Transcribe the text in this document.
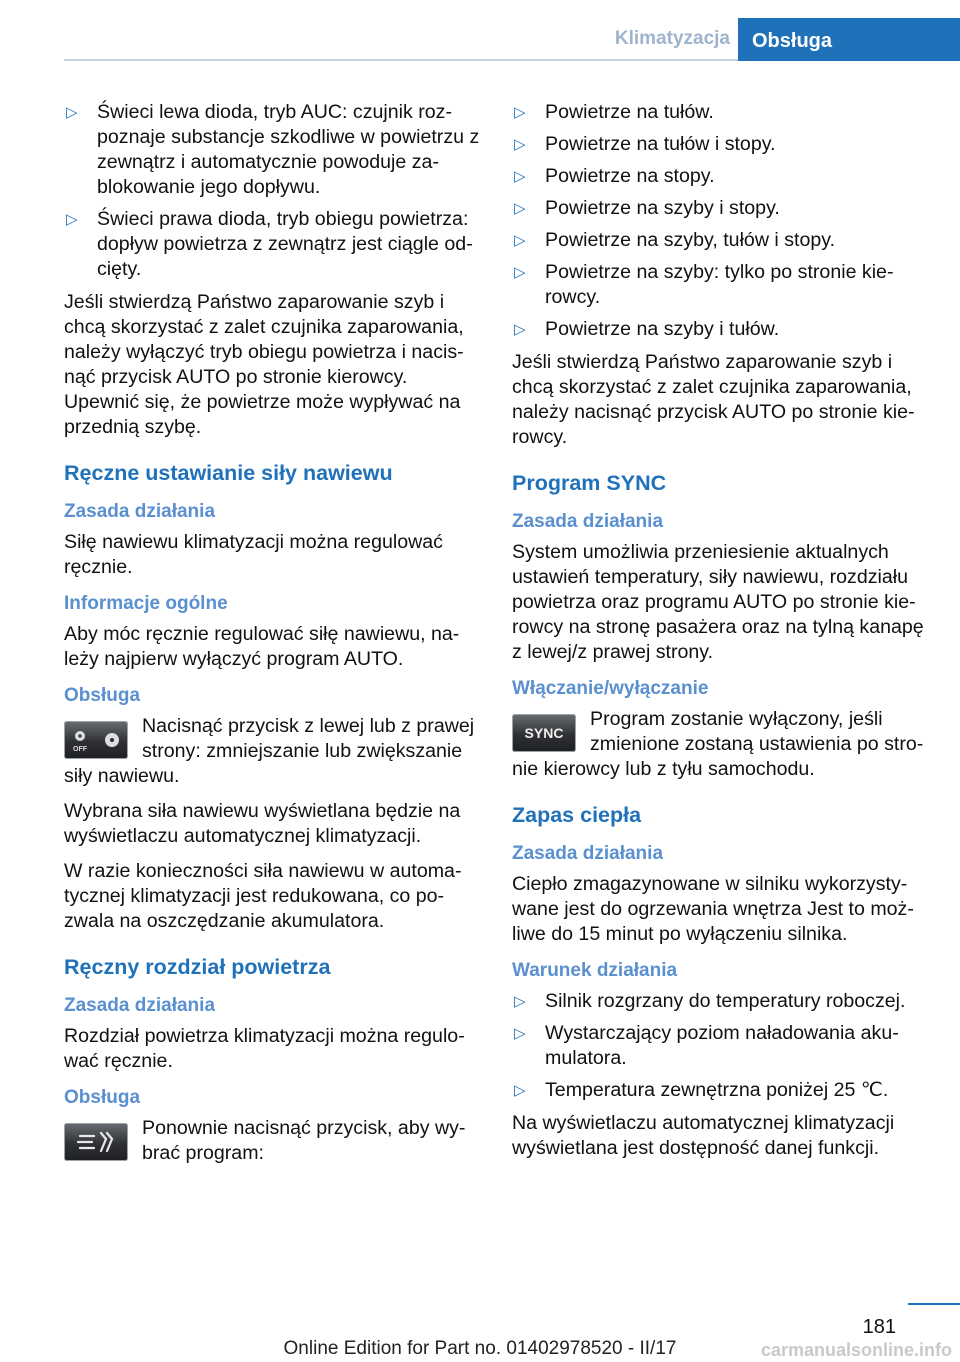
Klimatyzacja	Obsługa
▷ Świeci lewa dioda, tryb AUC: czujnik roz‐poznaje substancje szkodliwe w powietrzu z zewnątrz i automatycznie powoduje za‐blokowanie jego dopływu.
▷ Świeci prawa dioda, tryb obiegu powietrza: dopływ powietrza z zewnątrz jest ciągle od‐cięty.

Jeśli stwierdzą Państwo zaparowanie szyb i chcą skorzystać z zalet czujnika zaparowania, należy wyłączyć tryb obiegu powietrza i nacis‐nąć przycisk AUTO po stronie kierowcy. Upewnić się, że powietrze może wypływać na przednią szybę.

Ręczne ustawianie siły nawiewu
Zasada działania

Siłę nawiewu klimatyzacji można regulować ręcznie.

Informacje ogólne

Aby móc ręcznie regulować siłę nawiewu, na‐leży najpierw wyłączyć program AUTO.

Obsługa
OFF
Nacisnąć przycisk z lewej lub z prawej strony: zmniejszanie lub zwiększanie siły nawiewu.

Wybrana siła nawiewu wyświetlana będzie na wyświetlaczu automatycznej klimatyzacji.

W razie konieczności siła nawiewu w automa‐tycznej klimatyzacji jest redukowana, co po‐zwala na oszczędzanie akumulatora.

Ręczny rozdział powietrza
Zasada działania

Rozdział powietrza klimatyzacji można regulo‐wać ręcznie.

Obsługa
Ponownie nacisnąć przycisk, aby wy‐brać program:
▷ Powietrze na tułów.
▷ Powietrze na tułów i stopy.
▷ Powietrze na stopy.
▷ Powietrze na szyby i stopy.
▷ Powietrze na szyby, tułów i stopy.
▷ Powietrze na szyby: tylko po stronie kie‐rowcy.
▷ Powietrze na szyby i tułów.

Jeśli stwierdzą Państwo zaparowanie szyb i chcą skorzystać z zalet czujnika zaparowania, należy nacisnąć przycisk AUTO po stronie kie‐rowcy.

Program SYNC
Zasada działania

System umożliwia przeniesienie aktualnych ustawień temperatury, siły nawiewu, rozdziału powietrza oraz programu AUTO po stronie kie‐rowcy na stronę pasażera oraz na tylną kanapę z lewej/z prawej strony.

Włączanie/wyłączanie
SYNC
Program zostanie wyłączony, jeśli zmienione zostaną ustawienia po stro‐nie kierowcy lub z tyłu samochodu.
Zapas ciepła
Zasada działania

Ciepło zmagazynowane w silniku wykorzysty‐wane jest do ogrzewania wnętrza Jest to moż‐liwe do 15 minut po wyłączeniu silnika.

Warunek działania
▷ Silnik rozgrzany do temperatury roboczej.
▷ Wystarczający poziom naładowania aku‐mulatora.
▷ Temperatura zewnętrzna poniżej 25 ℃.

Na wyświetlaczu automatycznej klimatyzacji wyświetlana jest dostępność danej funkcji.

181
Online Edition for Part no. 01402978520 - II/17	carmanualsonline.info
